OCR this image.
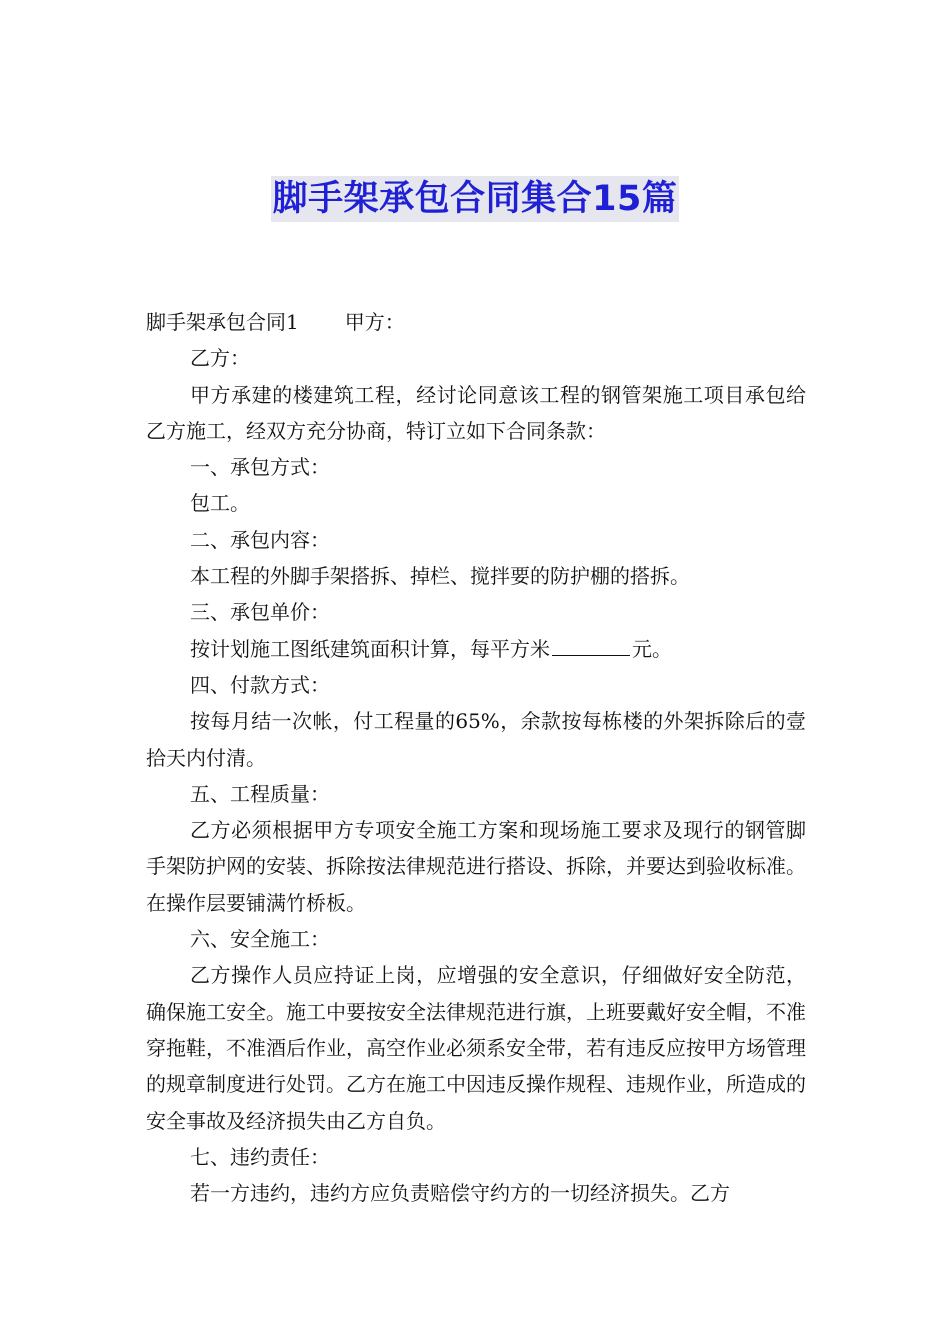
脚手架承包合同集合15篇

脚手架承包合同1 甲方：

乙方：

甲方承建的楼建筑工程，经讨论同意该工程的钢管架施工项目承包给乙方施工，经双方充分协商，特订立如下合同条款：

一、承包方式：

包工。

二、承包内容：

本工程的外脚手架搭拆、掉栏、搅拌要的防护棚的搭拆。

三、承包单价：

按计划施工图纸建筑面积计算，每平方米	元。

四、付款方式：

按每月结一次帐，付工程量的65%，余款按每栋楼的外架拆除后的壹拾天内付清。

五、工程质量：

乙方必须根据甲方专项安全施工方案和现场施工要求及现行的钢管脚手架防护网的安装、拆除按法律规范进行搭设、拆除，并要达到验收标准。在操作层要铺满竹桥板。

六、安全施工：

乙方操作人员应持证上岗，应增强的安全意识，仔细做好安全防范，确保施工安全。施工中要按安全法律规范进行旗，上班要戴好安全帽，不准穿拖鞋，不准酒后作业，高空作业必须系安全带，若有违反应按甲方场管理的规章制度进行处罚。乙方在施工中因违反操作规程、违规作业，所造成的安全事故及经济损失由乙方自负。

七、违约责任：

若一方违约，违约方应负责赔偿守约方的一切经济损失。乙方
